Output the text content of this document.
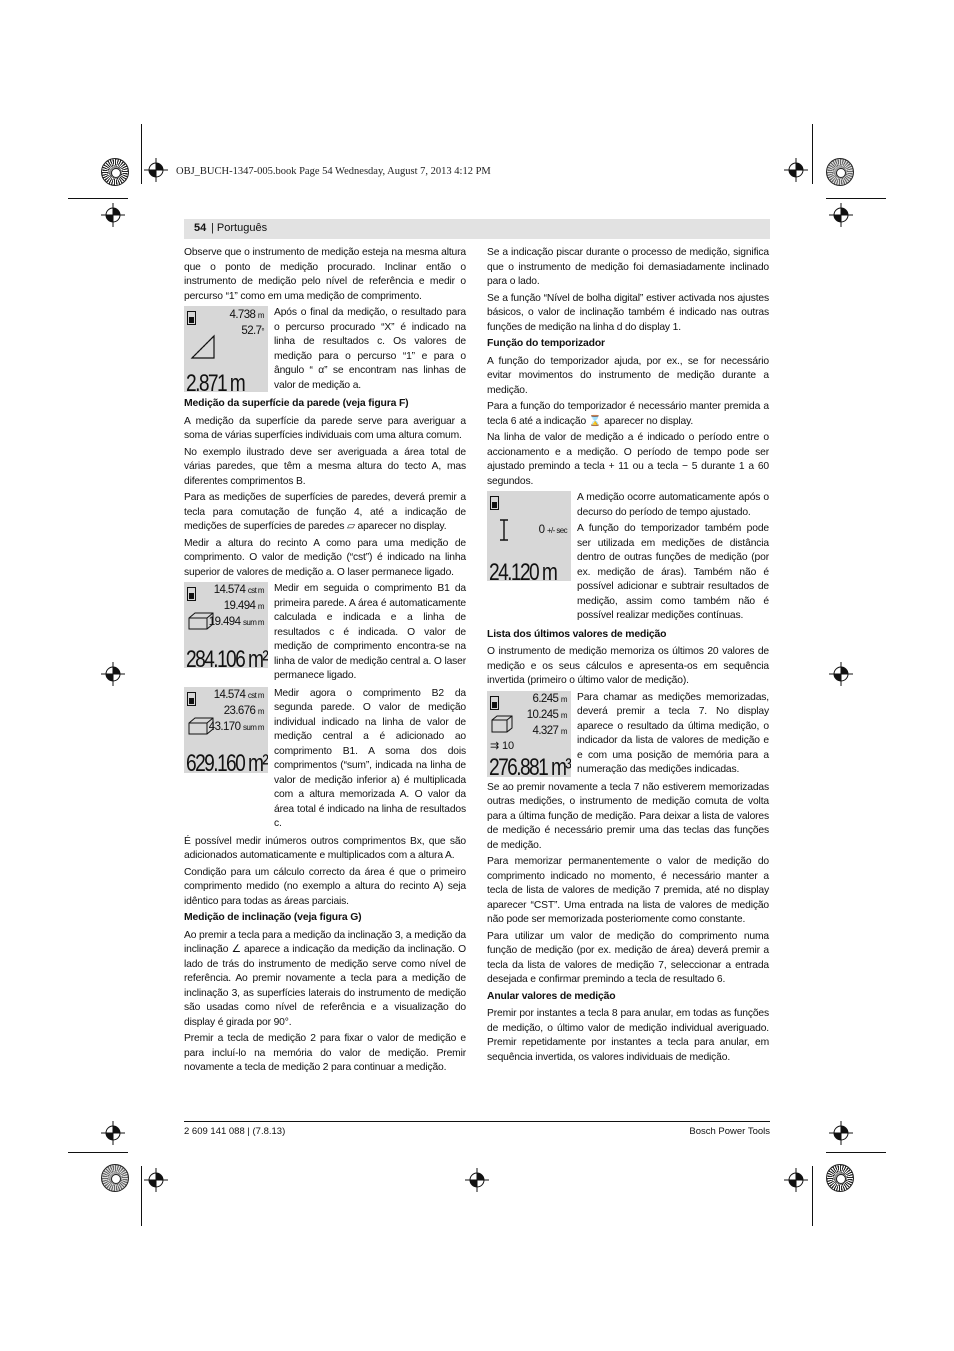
OBJ_BUCH-1347-005.book Page 54 Wednesday, August 7, 2013 4:12 PM
54 | Português

Observe que o instrumento de medição esteja na mesma altura que o ponto de medição procurado. Inclinar então o instrumento de medição pelo nível de referência e medir o percurso “1” como em uma medição de comprimento.

4.738 m
52.7°
2.871 m

Após o final da medição, o resultado para o percurso procurado “X” é indicado na linha de resultados c. Os valores de medição para o percurso “1” e para o ângulo “ α” se encontram nas linhas de valor de medição a.

Medição da superfície da parede (veja figura F)

A medição da superfície da parede serve para averiguar a soma de várias superfícies individuais com uma altura comum.

No exemplo ilustrado deve ser averiguada a área total de várias paredes, que têm a mesma altura do tecto A, mas diferentes comprimentos B.

Para as medições de superfícies de paredes, deverá premir a tecla para comutação de função 4, até a indicação de medições de superfícies de paredes ▱ aparecer no display.

Medir a altura do recinto A como para uma medição de comprimento. O valor de medição (“cst”) é indicado na linha superior de valores de medição a. O laser permanece ligado.

14.574 cst m
19.494 m
19.494 sum m
284.106 m²

Medir em seguida o comprimento B1 da primeira parede. A área é automaticamente calculada e indicada e a linha de resultados c é indicada. O valor de medição de comprimento encontra-se na linha de valor de medição central a. O laser permanece ligado.

14.574 cst m
23.676 m
43.170 sum m
629.160 m²

Medir agora o comprimento B2 da segunda parede. O valor de medição individual indicado na linha de valor de medição central a é adicionado ao comprimento B1. A soma dos dois comprimentos (“sum”, indicada na linha de valor de medição inferior a) é multiplicada com a altura memorizada A. O valor da área total é indicado na linha de resultados c.

É possível medir inúmeros outros comprimentos Bx, que são adicionados automaticamente e multiplicados com a altura A.

Condição para um cálculo correcto da área é que o primeiro comprimento medido (no exemplo a altura do recinto A) seja idêntico para todas as áreas parciais.

Medição de inclinação (veja figura G)

Ao premir a tecla para a medição da inclinação 3, a medição da inclinação ∠ aparece a indicação da medição da inclinação. O lado de trás do instrumento de medição serve como nível de referência. Ao premir novamente a tecla para a medição de inclinação 3, as superfícies laterais do instrumento de medição são usadas como nível de referência e a visualização do display é girada por 90°.

Premir a tecla de medição 2 para fixar o valor de medição e para incluí-lo na memória do valor de medição. Premir novamente a tecla de medição 2 para continuar a medição.

Se a indicação piscar durante o processo de medição, significa que o instrumento de medição foi demasiadamente inclinado para o lado.

Se a função “Nível de bolha digital” estiver activada nos ajustes básicos, o valor de inclinação também é indicado nas outras funções de medição na linha d do display 1.

Função do temporizador

A função do temporizador ajuda, por ex., se for necessário evitar movimentos do instrumento de medição durante a medição.

Para a função do temporizador é necessário manter premida a tecla 6 até a indicação ⌛ aparecer no display.

Na linha de valor de medição a é indicado o período entre o accionamento e a medição. O período de tempo pode ser ajustado premindo a tecla + 11 ou a tecla − 5 durante 1 a 60 segundos.

0 +/- sec
24.120 m

A medição ocorre automaticamente após o decurso do período de tempo ajustado.

A função do temporizador também pode ser utilizada em medições de distância dentro de outras funções de medição (por ex. medição de áras). Também não é possível adicionar e subtrair resultados de medição, assim como também não é possível realizar medições contínuas.

Lista dos últimos valores de medição

O instrumento de medição memoriza os últimos 20 valores de medição e os seus cálculos e apresenta-os em sequência invertida (primeiro o último valor de medição).

⇉ 10
6.245 m
10.245 m
4.327 m
276.881 m³

Para chamar as medições memorizadas, deverá premir a tecla 7. No display aparece o resultado da última medição, o indicador da lista de valores de medição e e com uma posição de memória para a numeração das medições indicadas.

Se ao premir novamente a tecla 7 não estiverem memorizadas outras medições, o instrumento de medição comuta de volta para a última função de medição. Para deixar a lista de valores de medição é necessário premir uma das teclas das funções de medição.

Para memorizar permanentemente o valor de medição do comprimento indicado no momento, é necessário manter a tecla de lista de valores de medição 7 premida, até no display aparecer “CST”. Uma entrada na lista de valores de medição não pode ser memorizada posteriomente como constante.

Para utilizar um valor de medição do comprimento numa função de medição (por ex. medição de área) deverá premir a tecla da lista de valores de medição 7, seleccionar a entrada desejada e confirmar premindo a tecla de resultado 6.

Anular valores de medição

Premir por instantes a tecla 8 para anular, em todas as funções de medição, o último valor de medição individual averiguado. Premir repetidamente por instantes a tecla para anular, em sequência invertida, os valores individuais de medição.

2 609 141 088 | (7.8.13)	Bosch Power Tools
